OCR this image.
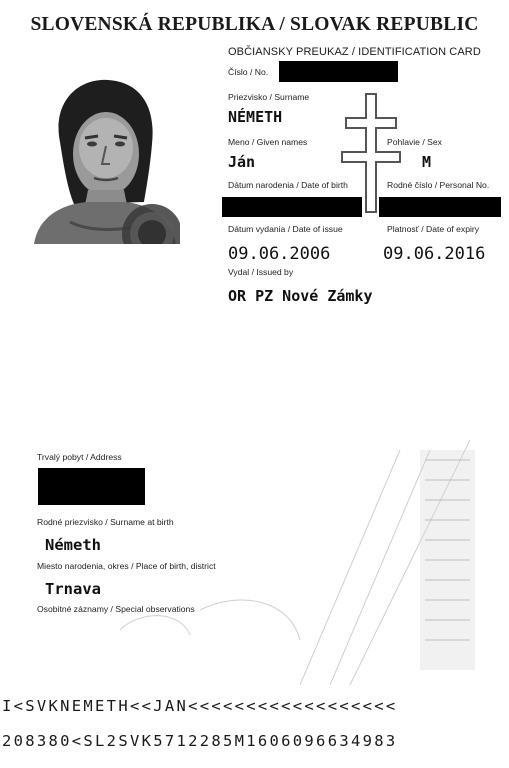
SLOVENSKÁ REPUBLIKA / SLOVAK REPUBLIC
OBČIANSKY PREUKAZ / IDENTIFICATION CARD
Číslo / No.
Priezvisko / Surname
NÉMETH
Meno / Given names	Pohlavie / Sex
Ján	M
Dátum narodenia / Date of birth	Rodné číslo / Personal No.
Dátum vydania / Date of issue	Platnosť / Date of expiry
09.06.2006	09.06.2016
Vydal / Issued by
OR PZ Nové Zámky
Trvalý pobyt / Address
Rodné priezvisko / Surname at birth
Németh
Miesto narodenia, okres / Place of birth, district
Trnava
Osobitné záznamy / Special observations
I<SVKNEMETH<<JAN<<<<<<<<<<<<<<<<<<
208380<SL2SVK5712285M1606096634983
